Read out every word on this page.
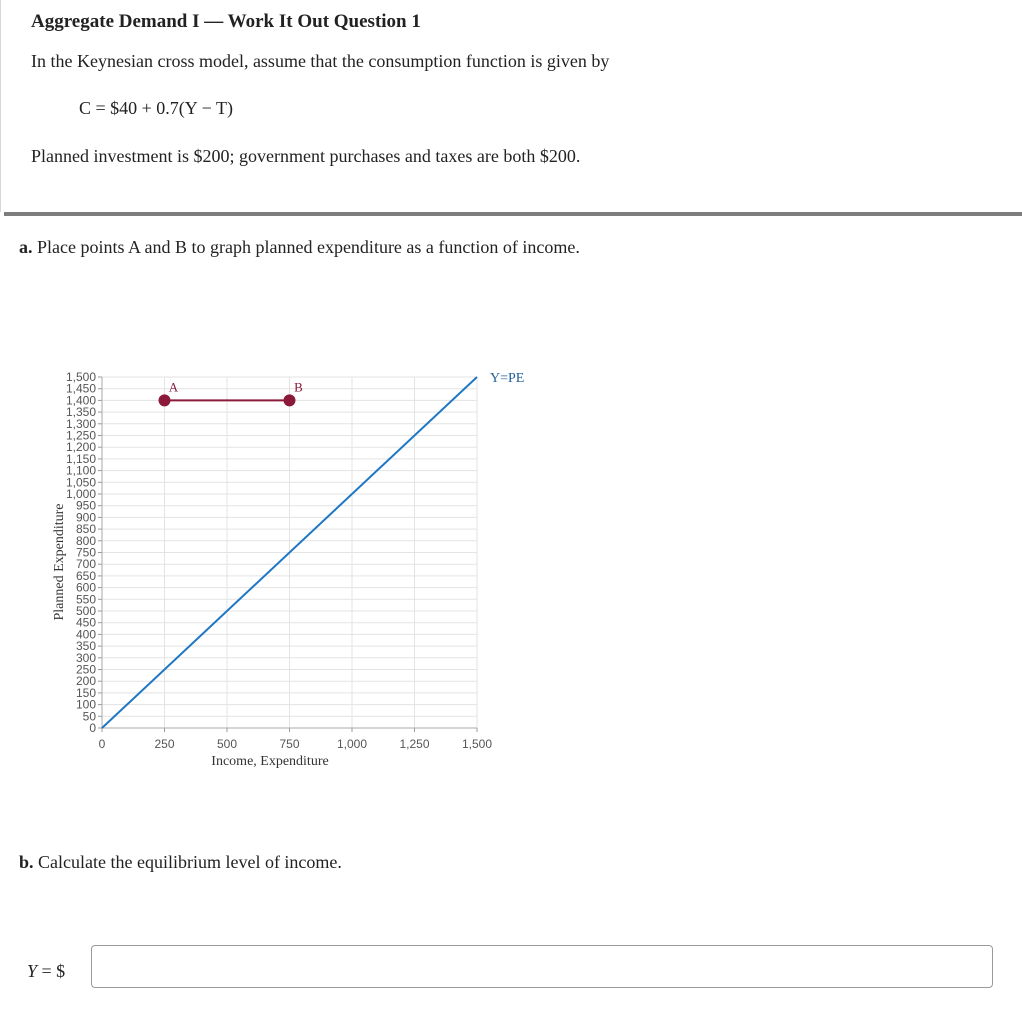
Aggregate Demand I — Work It Out Question 1
In the Keynesian cross model, assume that the consumption function is given by
C = $40 + 0.7(Y − T)
Planned investment is $200; government purchases and taxes are both $200.
a. Place points A and B to graph planned expenditure as a function of income.
0
50
100
150
200
250
300
350
400
450
500
550
600
650
700
750
800
850
900
950
1,000
1,050
1,100
1,150
1,200
1,250
1,300
1,350
1,400
1,450
1,500
0	250	500	750	1,000	1,250	1,500
A	B
Y=PE
Income, Expenditure
Planned Expenditure
b. Calculate the equilibrium level of income.
Y = $
